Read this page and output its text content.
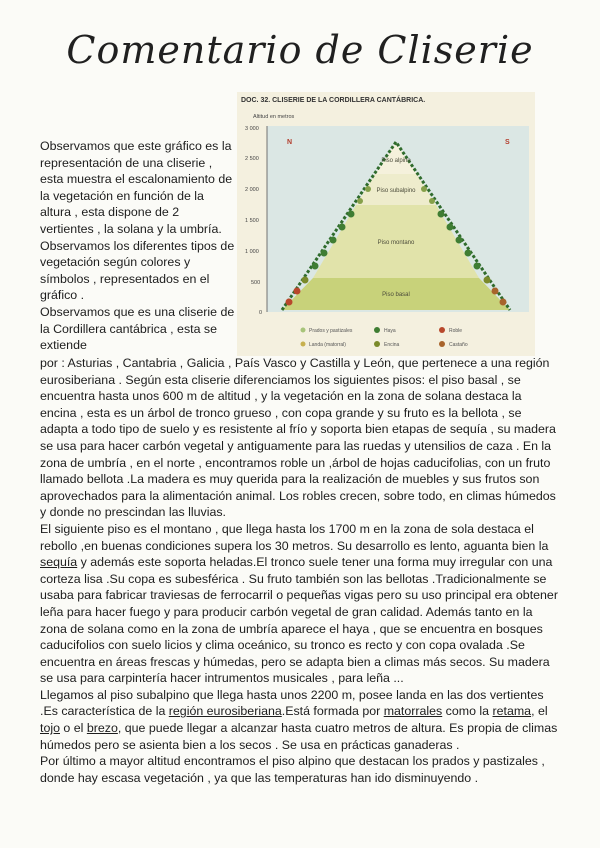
Comentario de Cliserie
DOC. 32. CLISERIE DE LA CORDILLERA CANTÁBRICA.
Altitud en metros
3 000
2 500
2 000
1 500
1 000
500
0
N	S
Piso alpino
Piso subalpino
Piso montano
Piso basal
Prados y pastizales
Landa (matorral)
Haya
Encina
Roble
Castaño

Observamos que este gráfico es la representación de una cliserie , esta muestra el escalonamiento de la vegetación en función de la altura , esta dispone de 2 vertientes , la solana y la umbría.

Observamos los diferentes tipos de vegetación según colores y símbolos , representados en el gráfico .

Observamos que es una cliserie de la Cordillera cantábrica , esta se extiende

por : Asturias , Cantabria , Galicia , País Vasco y Castilla y León, que pertenece a una región eurosiberiana . Según esta cliserie diferenciamos los siguientes pisos: el piso basal , se encuentra hasta unos 600 m de altitud , y la vegetación en la zona de solana destaca la encina , esta es un árbol de tronco grueso , con copa grande y su fruto es la bellota , se adapta a todo tipo de suelo y es resistente al frío y soporta bien etapas de sequía , su madera se usa para hacer carbón vegetal y antiguamente para las ruedas y utensilios de caza . En la zona de umbría , en el norte , encontramos roble un ,árbol de hojas caducifolias, con un fruto llamado bellota .La madera es muy querida para la realización de muebles y sus frutos son aprovechados para la alimentación animal. Los robles crecen, sobre todo, en climas húmedos y donde no prescindan las lluvias.

El siguiente piso es el montano , que llega hasta los 1700 m en la zona de sola destaca el rebollo ,en buenas condiciones supera los 30 metros. Su desarrollo es lento, aguanta bien la sequía y además este soporta heladas.El tronco suele tener una forma muy irregular con una corteza lisa .Su copa es subesférica . Su fruto también son las bellotas .Tradicionalmente se usaba para fabricar traviesas de ferrocarril o pequeñas vigas pero su uso principal era obtener leña para hacer fuego y para producir carbón vegetal de gran calidad. Además tanto en la zona de solana como en la zona de umbría aparece el haya , que se encuentra en bosques caducifolios con suelo licios y clima oceánico, su tronco es recto y con copa ovalada .Se encuentra en áreas frescas y húmedas, pero se adapta bien a climas más secos. Su madera se usa para carpintería hacer intrumentos musicales , para leña ...

Llegamos al piso subalpino que llega hasta unos 2200 m, posee landa en las dos vertientes .Es característica de la región eurosiberiana.Está formada por matorrales como la retama, el tojo o el brezo, que puede llegar a alcanzar hasta cuatro metros de altura. Es propia de climas húmedos pero se asienta bien a los secos . Se usa en prácticas ganaderas .

Por último a mayor altitud encontramos el piso alpino que destacan los prados y pastizales , donde hay escasa vegetación , ya que las temperaturas han ido disminuyendo .
